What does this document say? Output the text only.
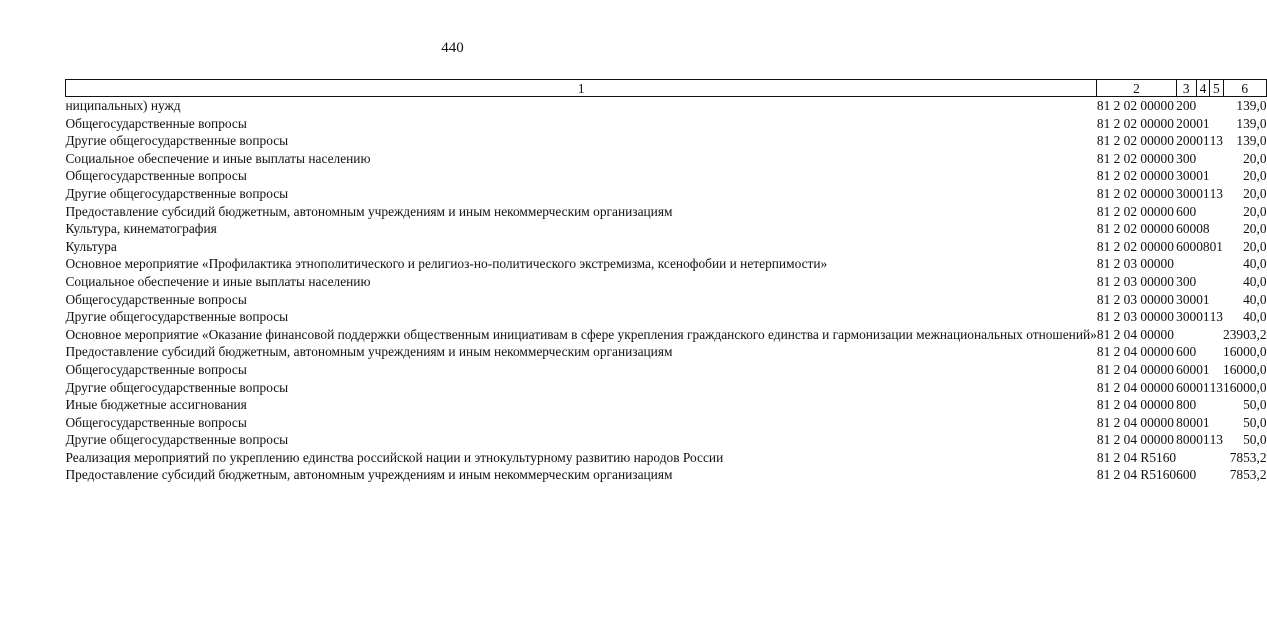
440
1	2	3	4	5	6

ниципальных) нужд	81 2 02 00000	200			139,0

Общегосударственные вопросы	81 2 02 00000	200	01		139,0

Другие общегосударственные вопросы	81 2 02 00000	200	01	13	139,0

Социальное обеспечение и иные выплаты населению	81 2 02 00000	300			20,0

Общегосударственные вопросы	81 2 02 00000	300	01		20,0

Другие общегосударственные вопросы	81 2 02 00000	300	01	13	20,0

Предоставление субсидий бюджетным, автономным учреждениям и иным некоммерческим организациям	81 2 02 00000	600			20,0

Культура, кинематография	81 2 02 00000	600	08		20,0

Культура	81 2 02 00000	600	08	01	20,0

Основное мероприятие «Профилактика этнополитического и религиоз-но-политического экстремизма, ксенофобии и нетерпимости»	81 2 03 00000				40,0

Социальное обеспечение и иные выплаты населению	81 2 03 00000	300			40,0

Общегосударственные вопросы	81 2 03 00000	300	01		40,0

Другие общегосударственные вопросы	81 2 03 00000	300	01	13	40,0

Основное мероприятие «Оказание финансовой поддержки общественным инициативам в сфере укрепления гражданского единства и гармонизации межнациональных отношений»	81 2 04 00000				23903,2

Предоставление субсидий бюджетным, автономным учреждениям и иным некоммерческим организациям	81 2 04 00000	600			16000,0

Общегосударственные вопросы	81 2 04 00000	600	01		16000,0

Другие общегосударственные вопросы	81 2 04 00000	600	01	13	16000,0

Иные бюджетные ассигнования	81 2 04 00000	800			50,0

Общегосударственные вопросы	81 2 04 00000	800	01		50,0

Другие общегосударственные вопросы	81 2 04 00000	800	01	13	50,0

Реализация мероприятий по укреплению единства российской нации и этнокультурному развитию народов России	81 2 04 R5160				7853,2

Предоставление субсидий бюджетным, автономным учреждениям и иным некоммерческим организациям	81 2 04 R5160	600			7853,2
